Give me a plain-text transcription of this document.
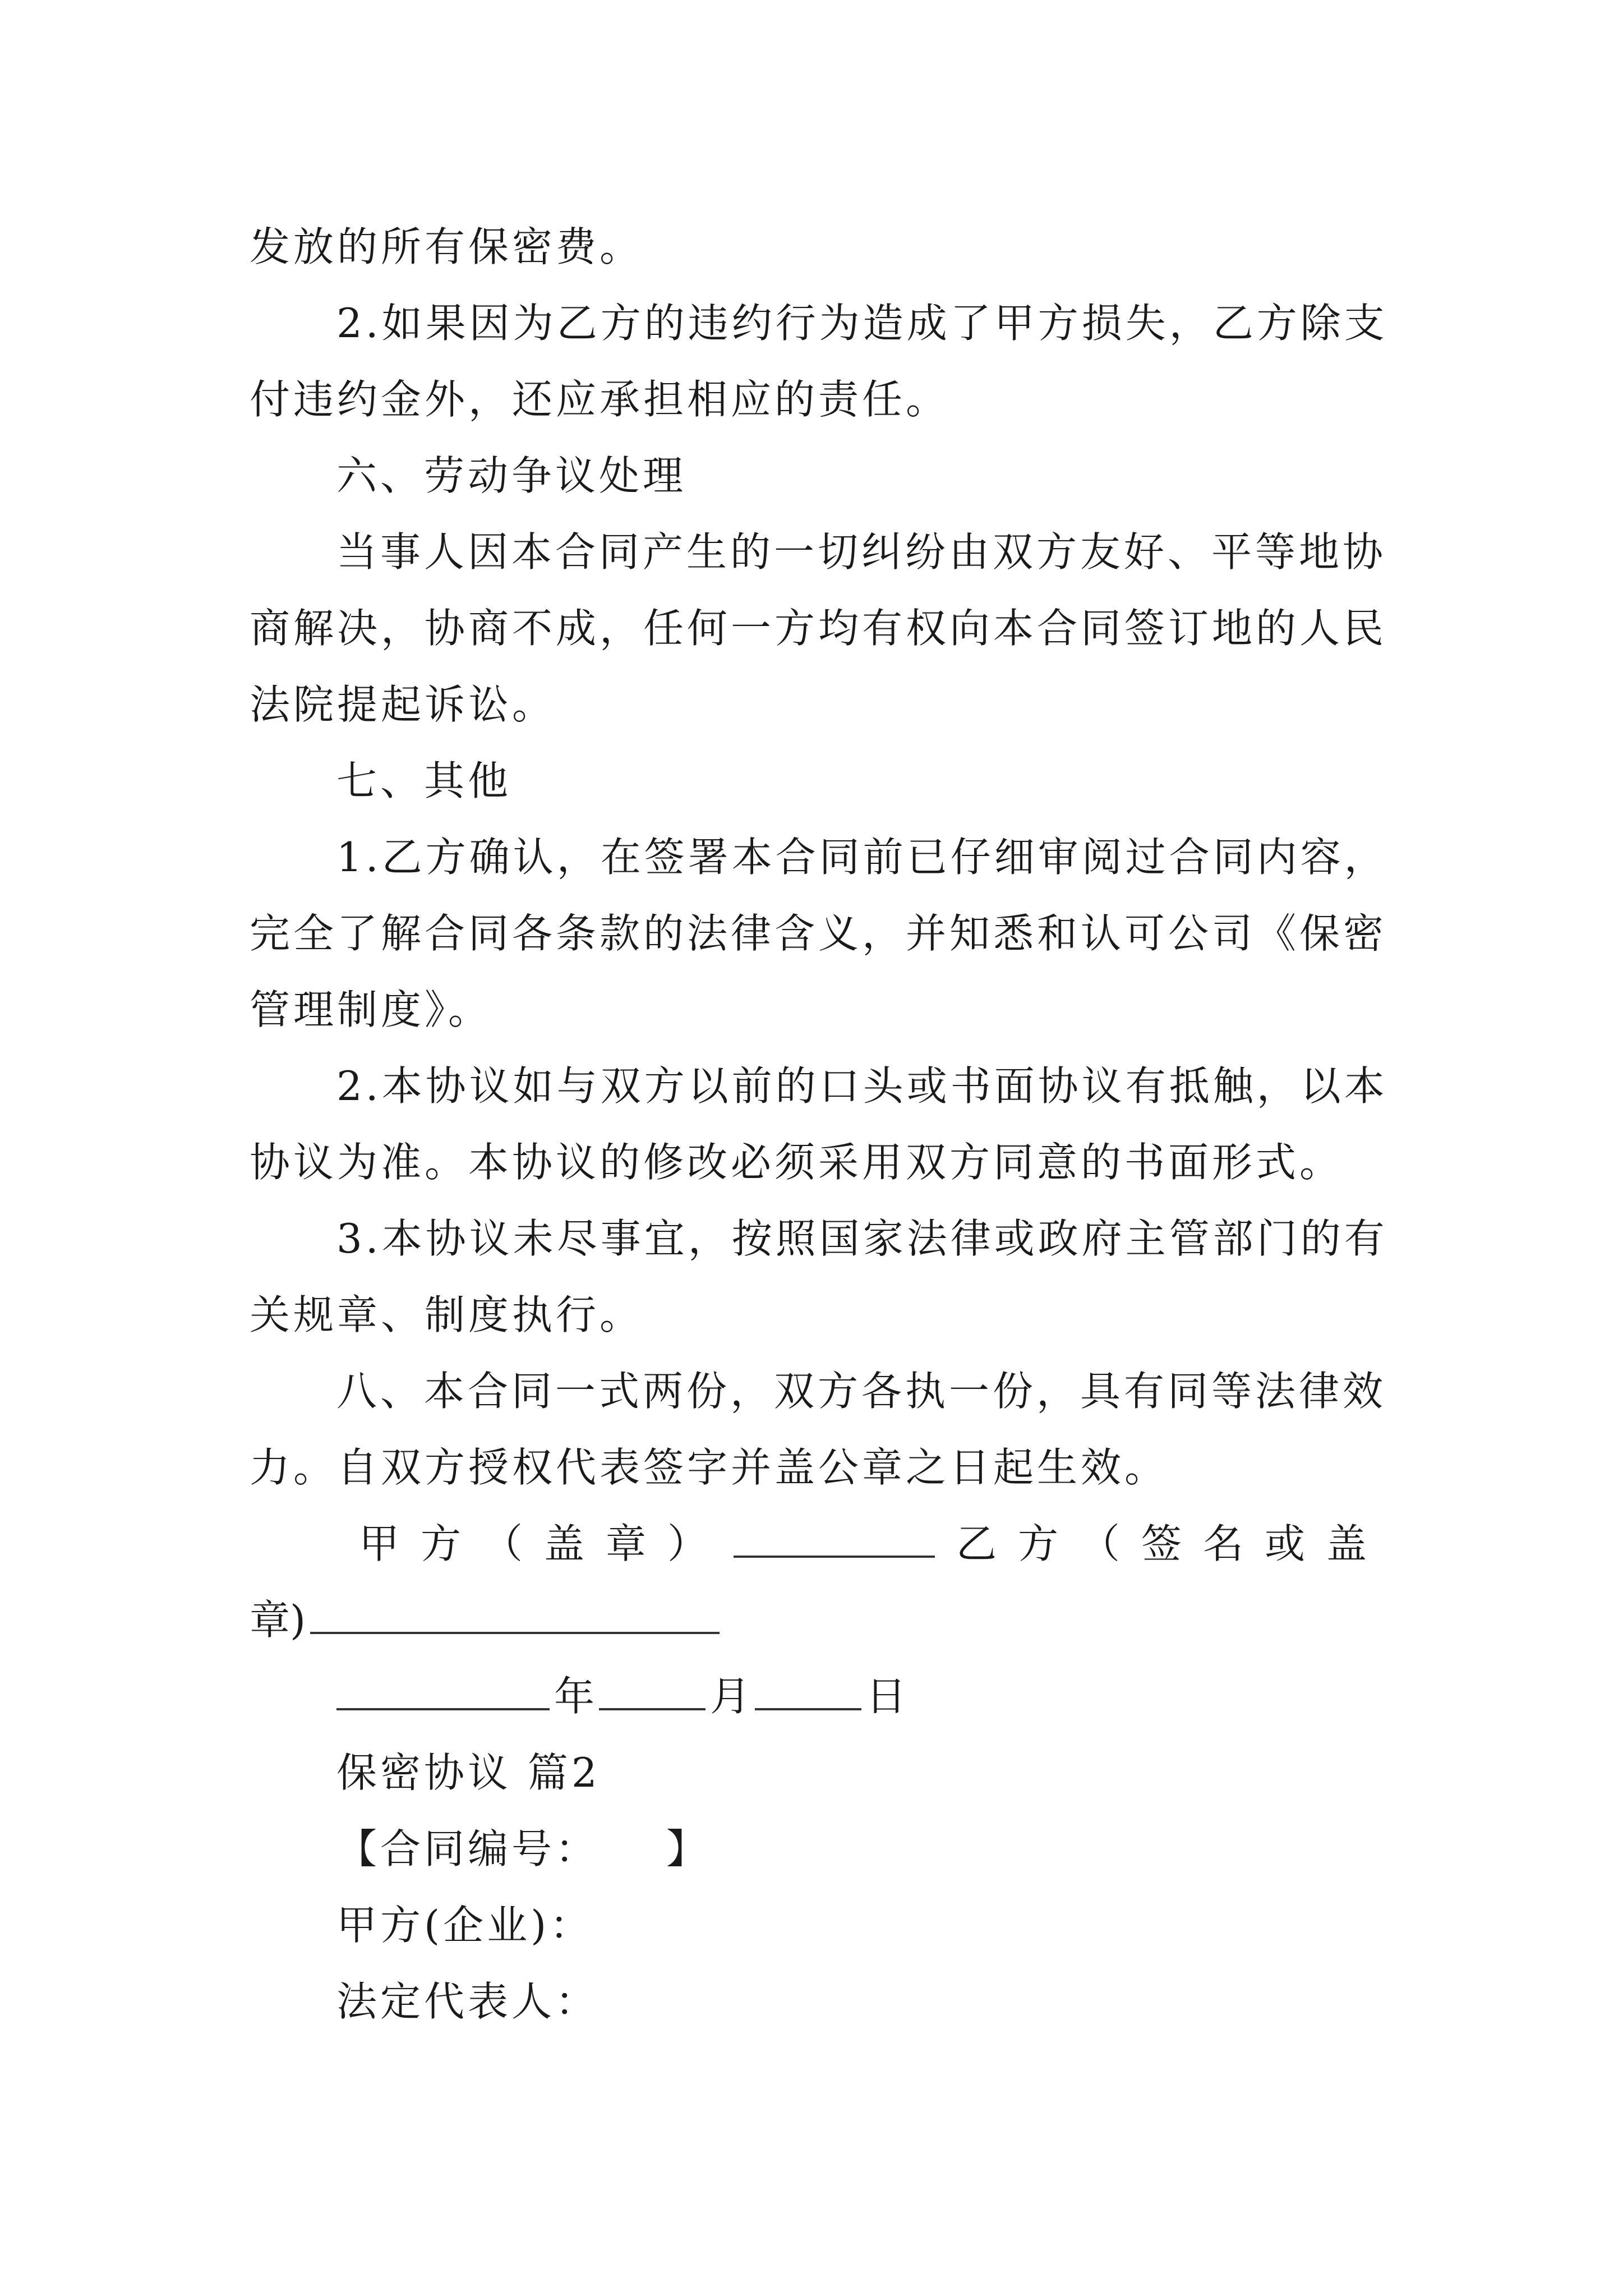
发放的所有保密费。
2.如果因为乙方的违约行为造成了甲方损失，乙方除支
付违约金外，还应承担相应的责任。
六、劳动争议处理
当事人因本合同产生的一切纠纷由双方友好、平等地协
商解决，协商不成，任何一方均有权向本合同签订地的人民
法院提起诉讼。
七、其他
1.乙方确认，在签署本合同前已仔细审阅过合同内容，
完全了解合同各条款的法律含义，并知悉和认可公司《保密
管理制度》。
2.本协议如与双方以前的口头或书面协议有抵触，以本
协议为准。本协议的修改必须采用双方同意的书面形式。
3.本协议未尽事宜，按照国家法律或政府主管部门的有
关规章、制度执行。
八、本合同一式两份，双方各执一份，具有同等法律效
力。自双方授权代表签字并盖公章之日起生效。
甲方（盖章）	乙方（签名或盖
章)
年	月	日
保密协议 篇2
【合同编号：　　】
甲方(企业)：
法定代表人：
